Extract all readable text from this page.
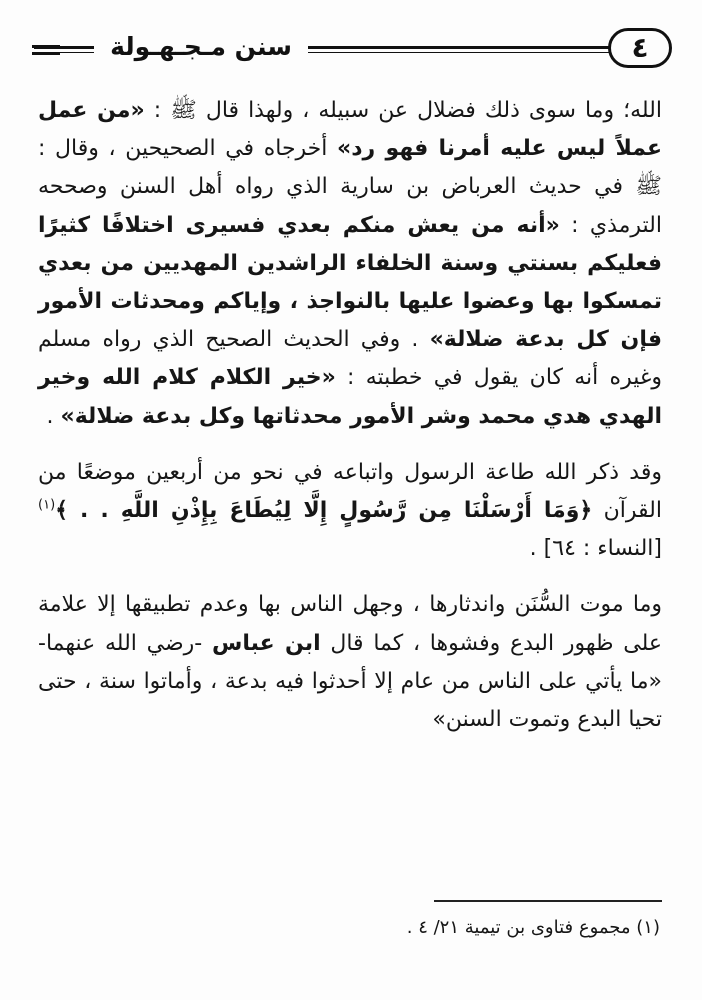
سنن مـجـهـولة	٤

الله؛ وما سوى ذلك فضلال عن سبيله ، ولهذا قال ﷺ : «من عمل عملاً ليس عليه أمرنا فهو رد» أخرجاه في الصحيحين ، وقال : ﷺ في حديث العرباض بن سارية الذي رواه أهل السنن وصححه الترمذي : «أنه من يعش منكم بعدي فسيرى اختلافًا كثيرًا فعليكم بسنتي وسنة الخلفاء الراشدين المهديين من بعدي تمسكوا بها وعضوا عليها بالنواجذ ، وإياكم ومحدثات الأمور فإن كل بدعة ضلالة» . وفي الحديث الصحيح الذي رواه مسلم وغيره أنه كان يقول في خطبته : «خير الكلام كلام الله وخير الهدي هدي محمد وشر الأمور محدثاتها وكل بدعة ضلالة» .

وقد ذكر الله طاعة الرسول واتباعه في نحو من أربعين موضعًا من القرآن ﴿وَمَا أَرْسَلْنَا مِن رَّسُولٍ إِلَّا لِيُطَاعَ بِإِذْنِ اللَّهِ . . ﴾$^{(١)}$[النساء : ٦٤] .

وما موت السُّنَن واندثارها ، وجهل الناس بها وعدم تطبيقها إلا علامة على ظهور البدع وفشوها ، كما قال ابن عباس -رضي الله عنهما- «ما يأتي على الناس من عام إلا أحدثوا فيه بدعة ، وأماتوا سنة ، حتى تحيا البدع وتموت السنن»

(١) مجموع فتاوى بن تيمية ٢١/ ٤ .
